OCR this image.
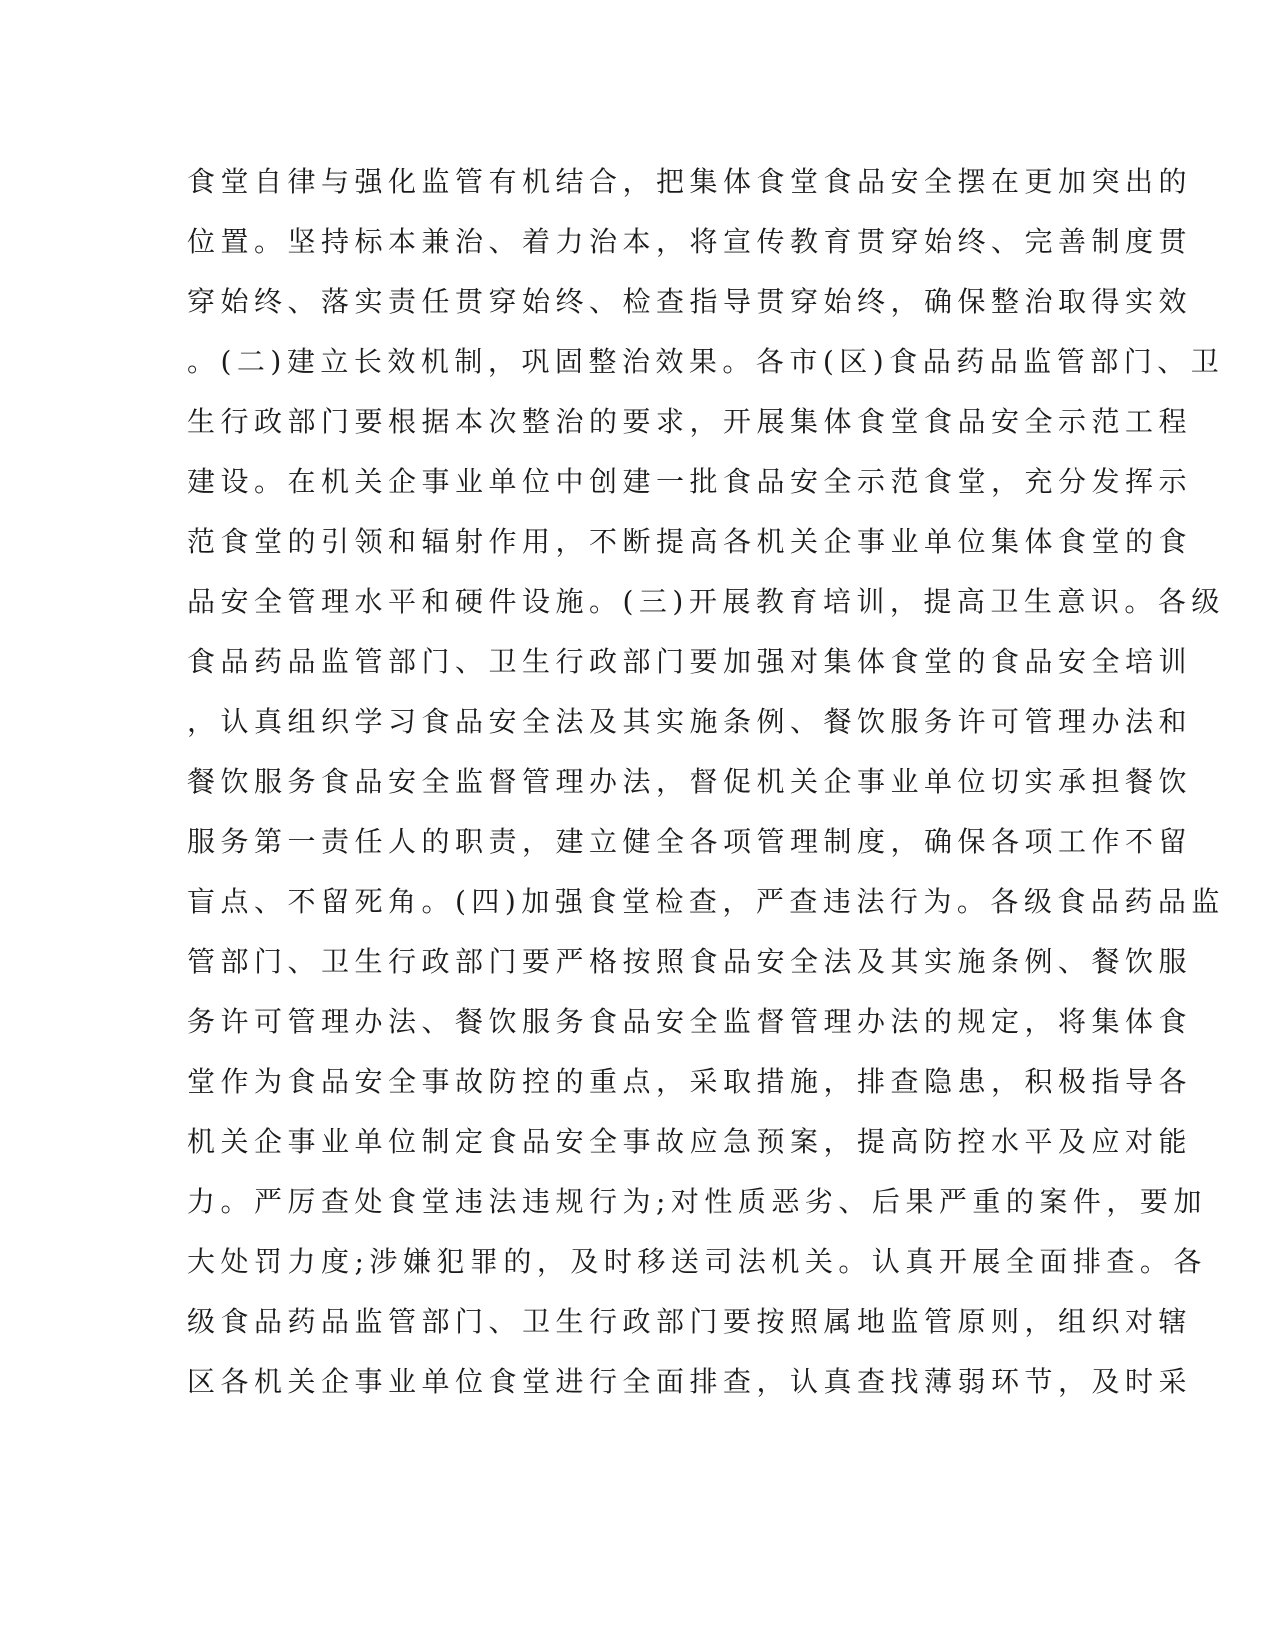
食堂自律与强化监管有机结合，把集体食堂食品安全摆在更加突出的
位置。坚持标本兼治、着力治本，将宣传教育贯穿始终、完善制度贯
穿始终、落实责任贯穿始终、检查指导贯穿始终，确保整治取得实效
。(二)建立长效机制，巩固整治效果。各市(区)食品药品监管部门、卫
生行政部门要根据本次整治的要求，开展集体食堂食品安全示范工程
建设。在机关企事业单位中创建一批食品安全示范食堂，充分发挥示
范食堂的引领和辐射作用，不断提高各机关企事业单位集体食堂的食
品安全管理水平和硬件设施。(三)开展教育培训，提高卫生意识。各级
食品药品监管部门、卫生行政部门要加强对集体食堂的食品安全培训
，认真组织学习食品安全法及其实施条例、餐饮服务许可管理办法和
餐饮服务食品安全监督管理办法，督促机关企事业单位切实承担餐饮
服务第一责任人的职责，建立健全各项管理制度，确保各项工作不留
盲点、不留死角。(四)加强食堂检查，严查违法行为。各级食品药品监
管部门、卫生行政部门要严格按照食品安全法及其实施条例、餐饮服
务许可管理办法、餐饮服务食品安全监督管理办法的规定，将集体食
堂作为食品安全事故防控的重点，采取措施，排查隐患，积极指导各
机关企事业单位制定食品安全事故应急预案，提高防控水平及应对能
力。严厉查处食堂违法违规行为;对性质恶劣、后果严重的案件，要加
大处罚力度;涉嫌犯罪的，及时移送司法机关。认真开展全面排查。各
级食品药品监管部门、卫生行政部门要按照属地监管原则，组织对辖
区各机关企事业单位食堂进行全面排查，认真查找薄弱环节，及时采
